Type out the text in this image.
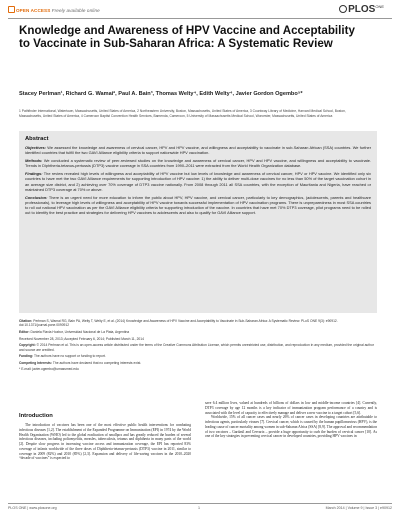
OPEN ACCESS Freely available online	$PLOS^{ONE}$
Knowledge and Awareness of HPV Vaccine and Acceptability to Vaccinate in Sub-Saharan Africa: A Systematic Review
Stacey Perlman¹, Richard G. Wamai², Paul A. Bain³, Thomas Welty⁴, Edith Welty⁴, Javier Gordon Ogembo⁵*
1 Pathfinder International, Watertown, Massachusetts, United States of America, 2 Northeastern University, Boston, Massachusetts, United States of America, 3 Countway Library of Medicine, Harvard Medical School, Boston, Massachusetts, United States of America, 4 Cameroon Baptist Convention Health Services, Bamenda, Cameroon, 5 University of Massachusetts Medical School, Worcester, Massachusetts, United States of America
Abstract

Objectives: We assessed the knowledge and awareness of cervical cancer, HPV and HPV vaccine, and willingness and acceptability to vaccinate in sub-Saharan African (SSA) countries. We further identified countries that fulfill the two GAVI Alliance eligibility criteria to support nationwide HPV vaccination.

Methods: We conducted a systematic review of peer-reviewed studies on the knowledge and awareness of cervical cancer, HPV and HPV vaccine, and willingness and acceptability to vaccinate. Trends in Diphtheria-tetanus-pertussis (DTP3) vaccine coverage in SSA countries from 1990–2011 were extracted from the World Health Organization database.

Findings: The review revealed high levels of willingness and acceptability of HPV vaccine but low levels of knowledge and awareness of cervical cancer, HPV or HPV vaccine. We identified only six countries to have met the two GAVI Alliance requirements for supporting introduction of HPV vaccine: 1) the ability to deliver multi-dose vaccines for no less than 50% of the target vaccination cohort in an average size district, and 2) achieving over 70% coverage of DTP3 vaccine nationally. From 2008 through 2011 all SSA countries, with the exception of Mauritania and Nigeria, have reached or maintained DTP3 coverage at 70% or above.

Conclusion: There is an urgent need for more education to inform the public about HPV, HPV vaccine, and cervical cancer, particularly to key demographics, (adolescents, parents and healthcare professionals), to leverage high levels of willingness and acceptability of HPV vaccine towards successful implementation of HPV vaccination programs. There is unpreparedness in most SSA countries to roll out national HPV vaccination as per the GAVI Alliance eligibility criteria for supporting introduction of the vaccine. In countries that have met 70% DTP3 coverage, pilot programs need to be rolled out to identify the best practice and strategies for delivering HPV vaccines to adolescents and also to qualify for GAVI Alliance support.

Citation: Perlman S, Wamai RG, Bain PA, Welty T, Welty E, et al. (2014) Knowledge and Awareness of HPV Vaccine and Acceptability to Vaccinate in Sub-Saharan Africa: A Systematic Review. PLoS ONE 9(3): e90912. doi:10.1371/journal.pone.0090912

Editor: Daniela Flavia Hozbor, Universidad Nacional de La Plata, Argentina

Received November 28, 2013; Accepted February 6, 2014; Published March 11, 2014

Copyright: © 2014 Perlman et al. This is an open-access article distributed under the terms of the Creative Commons Attribution License, which permits unrestricted use, distribution, and reproduction in any medium, provided the original author and source are credited.

Funding: The authors have no support or funding to report.

Competing Interests: The authors have declared that no competing interests exist.

* E-mail: javier.ogembo@umassmed.edu

Introduction

The introduction of vaccines has been one of the most effective public health interventions for combating infectious diseases [1,2]. The establishment of the Expanded Programme on Immunization (EPI) in 1974 by the World Health Organization (WHO) led to the global eradication of smallpox and has greatly reduced the burden of several infectious diseases, including poliomyelitis, measles, tuberculosis, tetanus and diphtheria in many parts of the world [2]. Despite slow progress in increasing vaccine access and immunization coverage, the EPI has reported 83% coverage of infants worldwide of the three doses of Diphtheria-tetanus-pertussis (DTP3) vaccine in 2011, similar to coverage in 2009 (82%) and 2010 (85%) [2,3]. Expansion and delivery of life-saving vaccines in the 2010–2020 “decade of vaccines” is expected to

save 6.4 million lives, valued at hundreds of billions of dollars in low and middle-income countries [4]. Currently, DTP3 coverage by age 12 months is a key indicator of immunization program performance of a country and is associated with the level of capacity to effectively manage and deliver a new vaccine to a target cohort [5,6].

Worldwide, 15% of all cancer cases and nearly 26% of cancer cases in developing countries are attributable to infectious agents, particularly viruses [7]. Cervical cancer, which is caused by the human papillomavirus (HPV), is the leading cause of cancer mortality among women in sub-Saharan Africa (SSA) [8,9]. The approval and recommendation of two vaccines – Gardasil and Cervarix – provide a huge opportunity to curb the burden of cervical cancer [10]. As one of the key strategies in preventing cervical cancer in developed countries, providing HPV vaccines in

PLOS ONE | www.plosone.org	1	March 2014 | Volume 9 | Issue 3 | e90912
